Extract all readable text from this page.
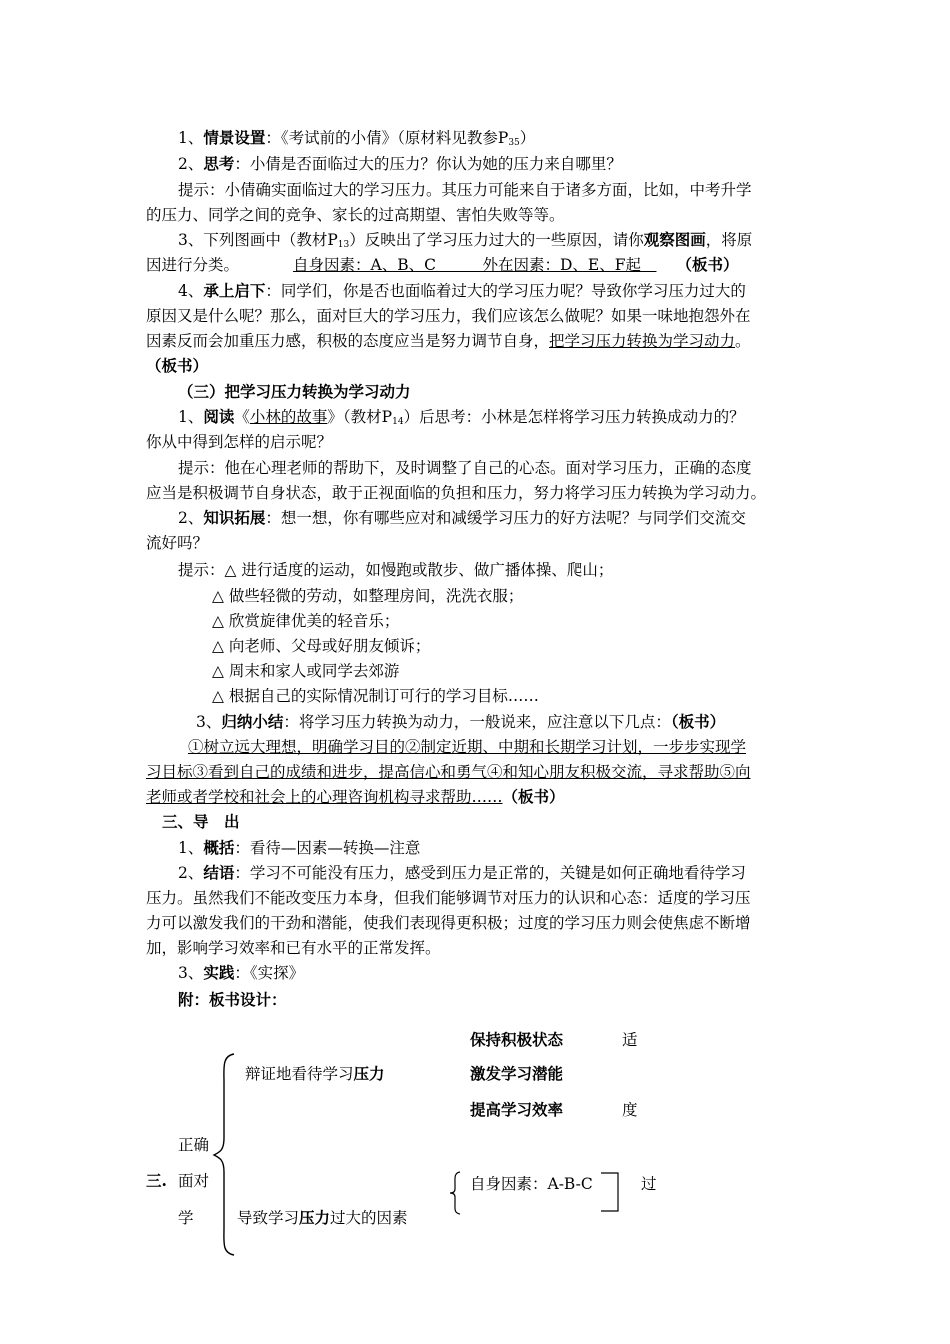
1、情景设置：《考试前的小倩》（原材料见教参$P_{35}$）
2、思考：小倩是否面临过大的压力？你认为她的压力来自哪里？
提示：小倩确实面临过大的学习压力。其压力可能来自于诸多方面，比如，中考升学
的压力、同学之间的竞争、家长的过高期望、害怕失败等等。
3、下列图画中（教材$P_{13}$）反映出了学习压力过大的一些原因，请你观察图画，将原
因进行分类。	自身因素：A、B、C　　　外在因素：D、E、F起　（板书）
4、承上启下：同学们，你是否也面临着过大的学习压力呢？导致你学习压力过大的
原因又是什么呢？那么，面对巨大的学习压力，我们应该怎么做呢？如果一味地抱怨外在
因素反而会加重压力感，积极的态度应当是努力调节自身，把学习压力转换为学习动力。
（板书）
（三）把学习压力转换为学习动力
1、阅读《小林的故事》（教材$P_{14}$）后思考：小林是怎样将学习压力转换成动力的？
你从中得到怎样的启示呢？
提示：他在心理老师的帮助下，及时调整了自己的心态。面对学习压力，正确的态度
应当是积极调节自身状态，敢于正视面临的负担和压力，努力将学习压力转换为学习动力。
2、知识拓展：想一想，你有哪些应对和减缓学习压力的好方法呢？与同学们交流交
流好吗？
提示：△ 进行适度的运动，如慢跑或散步、做广播体操、爬山；
△ 做些轻微的劳动，如整理房间，洗洗衣服；
△ 欣赏旋律优美的轻音乐；
△ 向老师、父母或好朋友倾诉；
△ 周末和家人或同学去郊游
△ 根据自己的实际情况制订可行的学习目标……
3、归纳小结：将学习压力转换为动力，一般说来，应注意以下几点：（板书）
①树立远大理想，明确学习目的②制定近期、中期和长期学习计划，一步步实现学
习目标③看到自己的成绩和进步，提高信心和勇气④和知心朋友积极交流，寻求帮助⑤向
老师或者学校和社会上的心理咨询机构寻求帮助……（板书）
三、导　出
1、概括：看待—因素—转换—注意
2、结语：学习不可能没有压力，感受到压力是正常的，关键是如何正确地看待学习
压力。虽然我们不能改变压力本身，但我们能够调节对压力的认识和心态：适度的学习压
力可以激发我们的干劲和潜能，使我们表现得更积极；过度的学习压力则会使焦虑不断增
加，影响学习效率和已有水平的正常发挥。
3、实践：《实探》
附：板书设计：
保持积极状态	适
辩证地看待学习压力	激发学习潜能
提高学习效率	度
正确
三. 面对
学	导致学习压力过大的因素
自身因素：A-B-C	过
